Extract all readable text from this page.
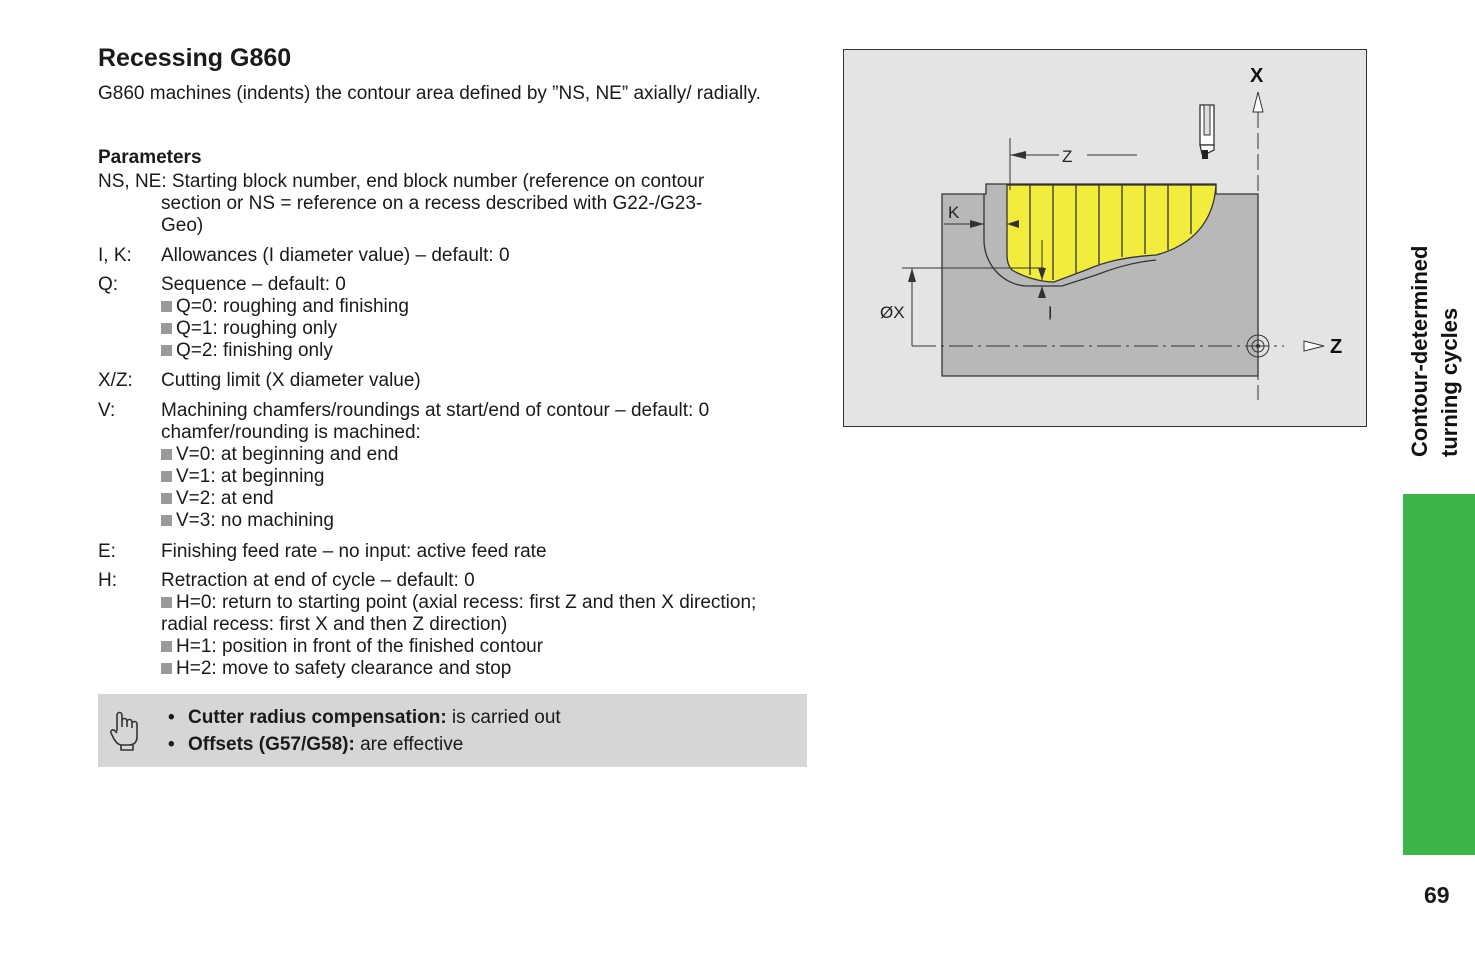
Recessing G860
G860 machines (indents) the contour area defined by ”NS, NE” axially/ radially.
Parameters
NS, NE: Starting block number, end block number (reference on contour
section or NS = reference on a recess described with G22-/G23-
Geo)
I, K: Allowances (I diameter value) – default: 0
Q: Sequence – default: 0
Q=0: roughing and finishing
Q=1: roughing only
Q=2: finishing only
X/Z: Cutting limit (X diameter value)
V: Machining chamfers/roundings at start/end of contour – default: 0 chamfer/rounding is machined:
V=0: at beginning and end
V=1: at beginning
V=2: at end
V=3: no machining
E: Finishing feed rate – no input: active feed rate
H: Retraction at end of cycle – default: 0
H=0: return to starting point (axial recess: first Z and then X direction; radial recess: first X and then Z direction)
H=1: position in front of the finished contour
H=2: move to safety clearance and stop
• Cutter radius compensation: is carried out
• Offsets (G57/G58): are effective
X
Z
Z
K
I
ØX	Contour-determined turning cycles
69
